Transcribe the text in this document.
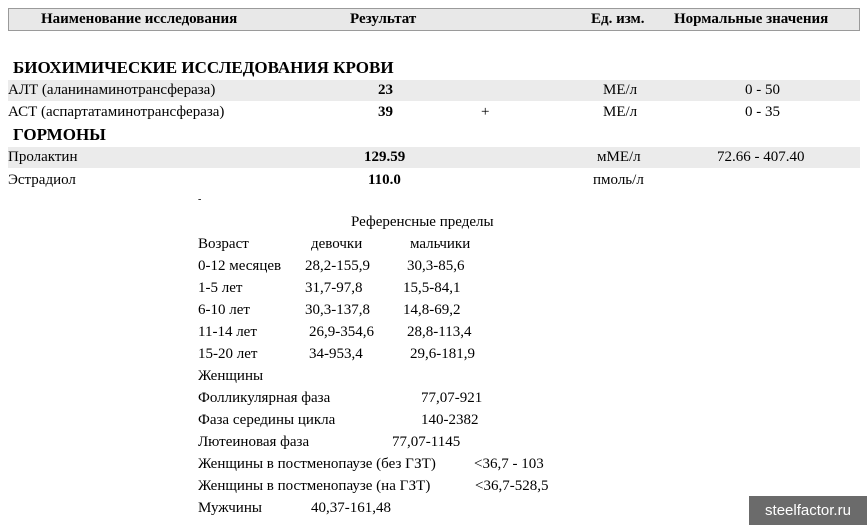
Наименование исследования	Результат	Ед. изм. Нормальные значения
БИОХИМИЧЕСКИЕ ИССЛЕДОВАНИЯ КРОВИ
АЛТ (аланинаминотрансфераза)	23	МЕ/л	0 - 50
АСТ (аспартатаминотрансфераза)	39	+	МЕ/л	0 - 35
ГОРМОНЫ
Пролактин	129.59	мМЕ/л	72.66 - 407.40
Эстрадиол	110.0	пмоль/л
-
Референсные пределы
Возраст	девочки	мальчики
0-12 месяцев 28,2-155,9 30,3-85,6
1-5 лет	31,7-97,8	15,5-84,1
6-10 лет	30,3-137,8 14,8-69,2
11-14 лет	26,9-354,6 28,8-113,4
15-20 лет	34-953,4	29,6-181,9
Женщины
Фолликулярная фаза	77,07-921
Фаза середины цикла	140-2382
Лютеиновая фаза	77,07-1145
Женщины в постменопаузе (без ГЗТ)	<36,7 - 103
Женщины в постменопаузе (на ГЗТ)	<36,7-528,5
Мужчины	40,37-161,48	steelfactor.ru
